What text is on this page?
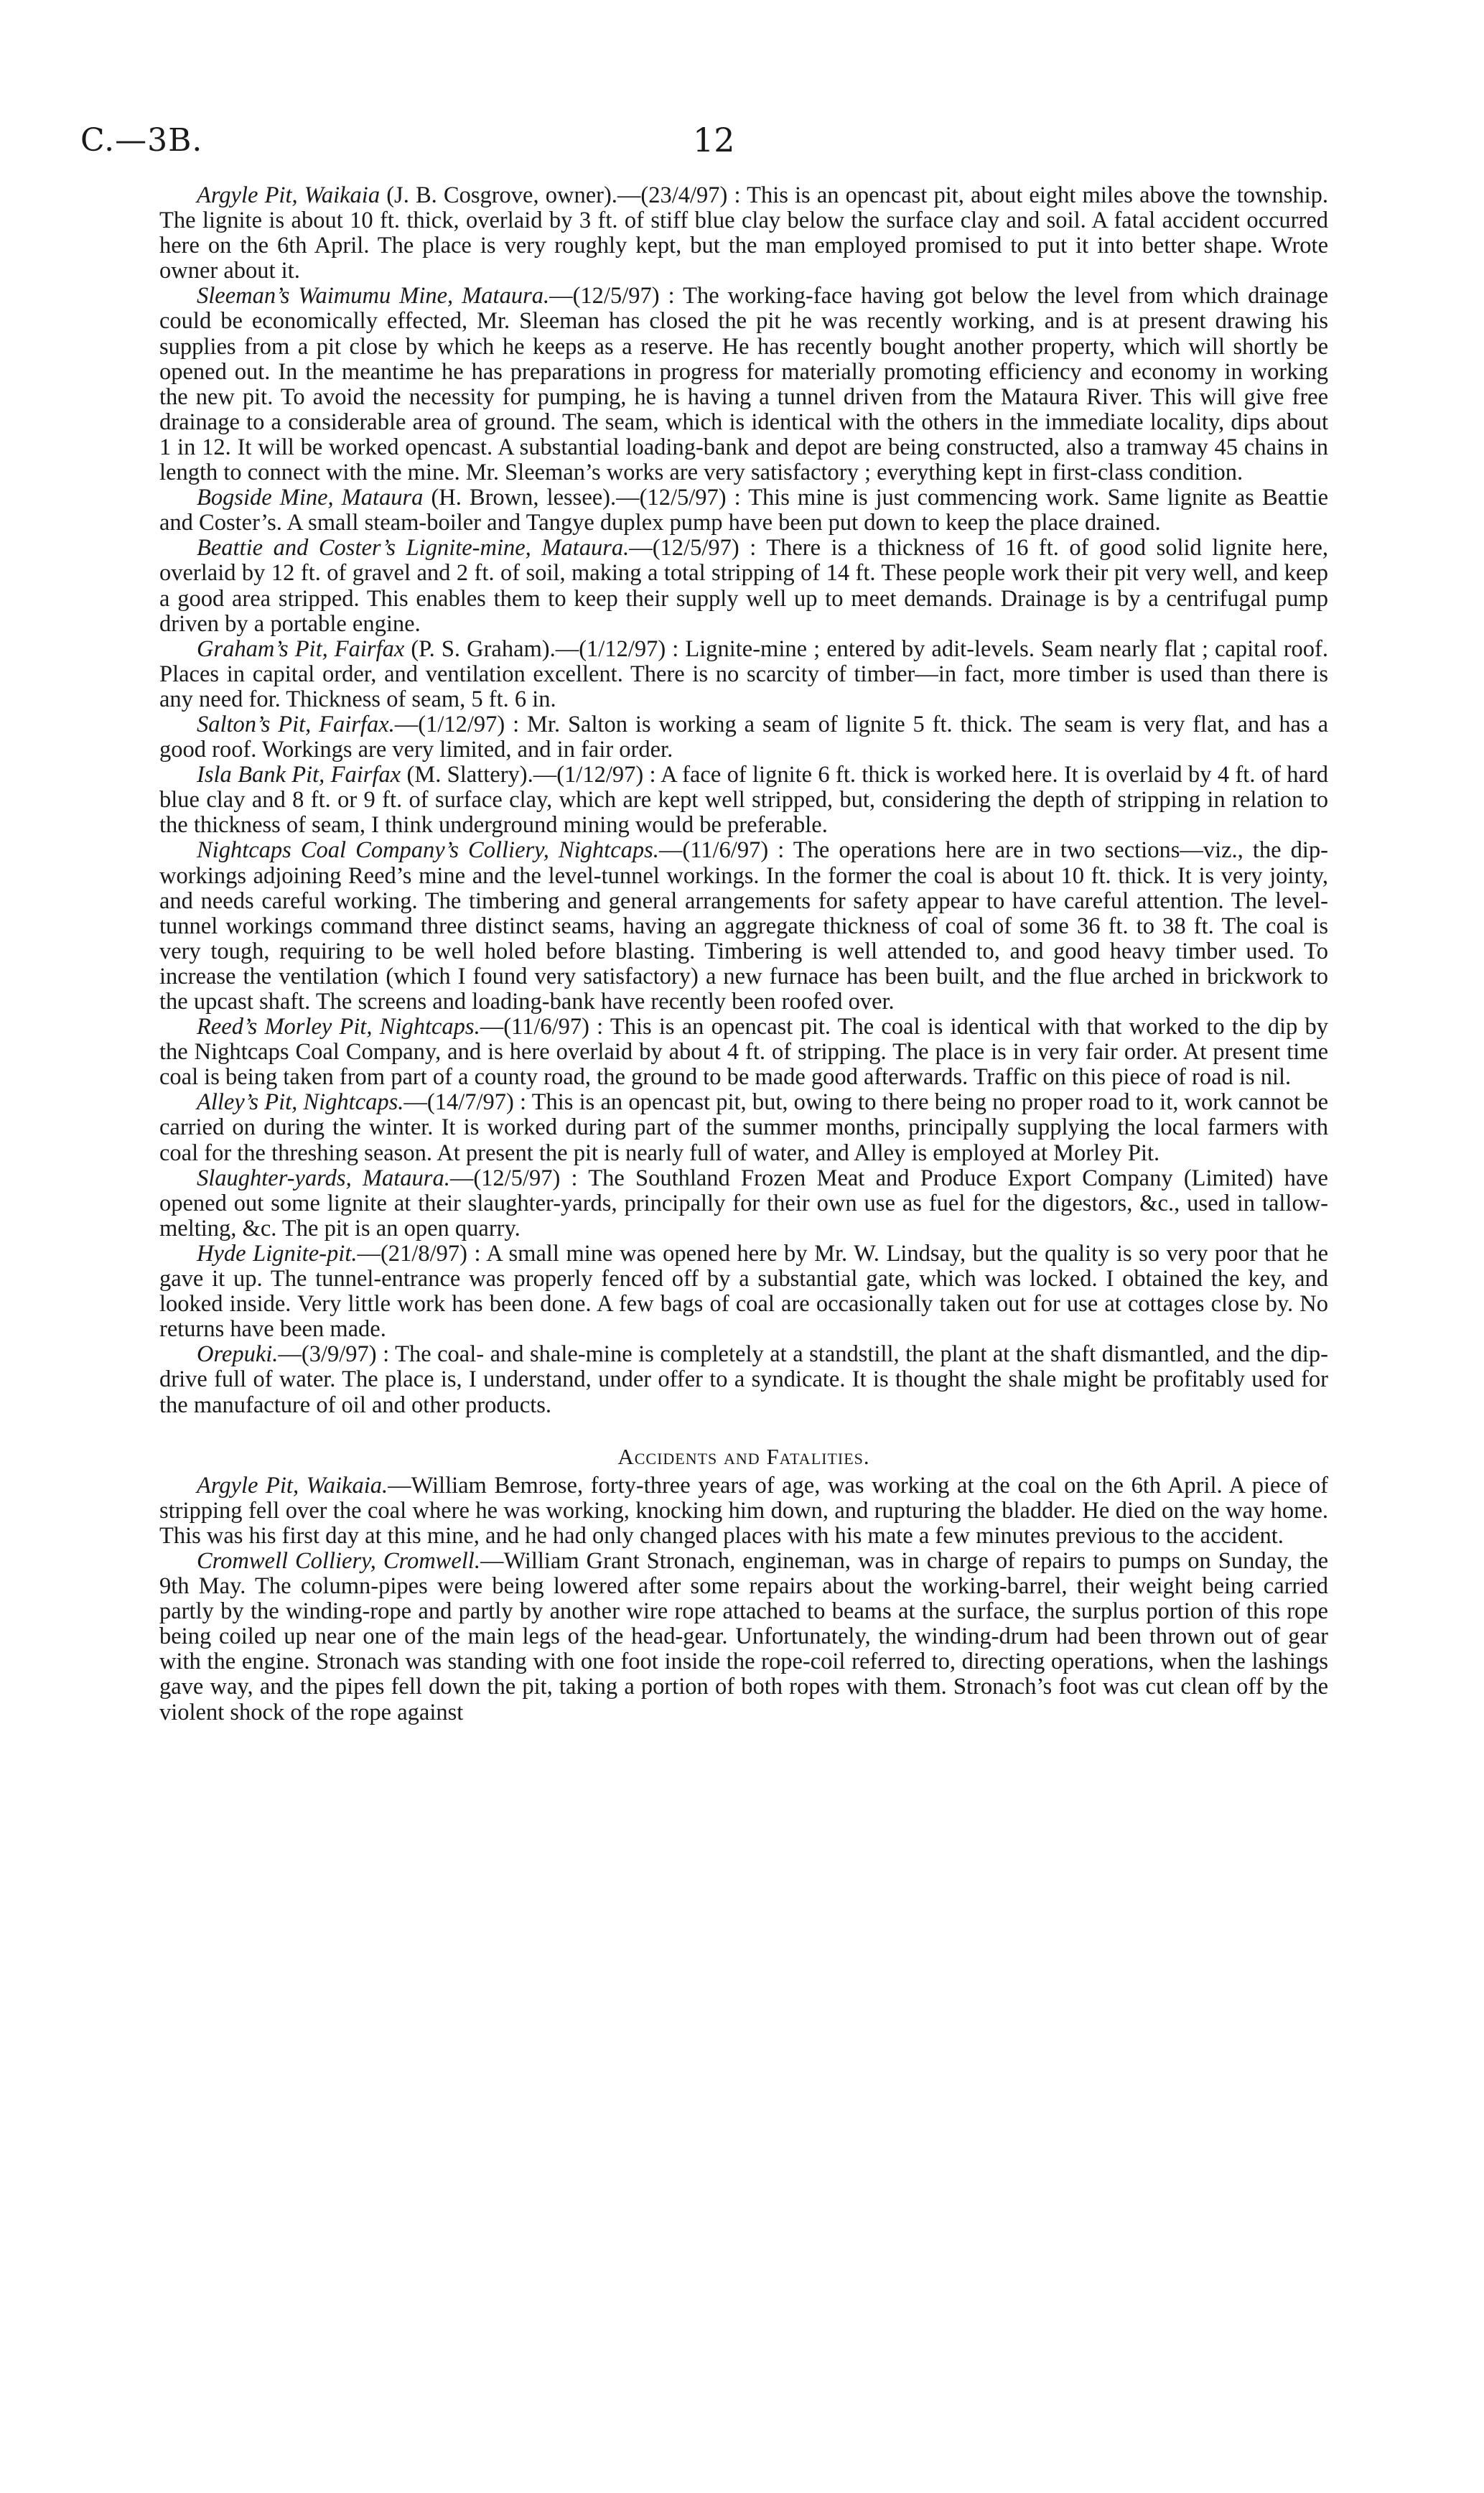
C.—3B.	12

Argyle Pit, Waikaia (J. B. Cosgrove, owner).—(23/4/97) : This is an opencast pit, about eight miles above the township. The lignite is about 10 ft. thick, overlaid by 3 ft. of stiff blue clay below the surface clay and soil. A fatal accident occurred here on the 6th April. The place is very roughly kept, but the man employed promised to put it into better shape. Wrote owner about it.

Sleeman’s Waimumu Mine, Mataura.—(12/5/97) : The working-face having got below the level from which drainage could be economically effected, Mr. Sleeman has closed the pit he was recently working, and is at present drawing his supplies from a pit close by which he keeps as a reserve. He has recently bought another property, which will shortly be opened out. In the meantime he has preparations in progress for materially promoting efficiency and economy in working the new pit. To avoid the necessity for pumping, he is having a tunnel driven from the Mataura River. This will give free drainage to a considerable area of ground. The seam, which is identical with the others in the immediate locality, dips about 1 in 12. It will be worked opencast. A substantial loading-bank and depot are being constructed, also a tramway 45 chains in length to connect with the mine. Mr. Sleeman’s works are very satisfactory ; everything kept in first-class condition.

Bogside Mine, Mataura (H. Brown, lessee).—(12/5/97) : This mine is just commencing work. Same lignite as Beattie and Coster’s. A small steam-boiler and Tangye duplex pump have been put down to keep the place drained.

Beattie and Coster’s Lignite-mine, Mataura.—(12/5/97) : There is a thickness of 16 ft. of good solid lignite here, overlaid by 12 ft. of gravel and 2 ft. of soil, making a total stripping of 14 ft. These people work their pit very well, and keep a good area stripped. This enables them to keep their supply well up to meet demands. Drainage is by a centrifugal pump driven by a portable engine.

Graham’s Pit, Fairfax (P. S. Graham).—(1/12/97) : Lignite-mine ; entered by adit-levels. Seam nearly flat ; capital roof. Places in capital order, and ventilation excellent. There is no scarcity of timber—in fact, more timber is used than there is any need for. Thickness of seam, 5 ft. 6 in.

Salton’s Pit, Fairfax.—(1/12/97) : Mr. Salton is working a seam of lignite 5 ft. thick. The seam is very flat, and has a good roof. Workings are very limited, and in fair order.

Isla Bank Pit, Fairfax (M. Slattery).—(1/12/97) : A face of lignite 6 ft. thick is worked here. It is overlaid by 4 ft. of hard blue clay and 8 ft. or 9 ft. of surface clay, which are kept well stripped, but, considering the depth of stripping in relation to the thickness of seam, I think underground mining would be preferable.

Nightcaps Coal Company’s Colliery, Nightcaps.—(11/6/97) : The operations here are in two sections—viz., the dip-workings adjoining Reed’s mine and the level-tunnel workings. In the former the coal is about 10 ft. thick. It is very jointy, and needs careful working. The timbering and general arrangements for safety appear to have careful attention. The level-tunnel workings command three distinct seams, having an aggregate thickness of coal of some 36 ft. to 38 ft. The coal is very tough, requiring to be well holed before blasting. Timbering is well attended to, and good heavy timber used. To increase the ventilation (which I found very satisfactory) a new furnace has been built, and the flue arched in brickwork to the upcast shaft. The screens and loading-bank have recently been roofed over.

Reed’s Morley Pit, Nightcaps.—(11/6/97) : This is an opencast pit. The coal is identical with that worked to the dip by the Nightcaps Coal Company, and is here overlaid by about 4 ft. of stripping. The place is in very fair order. At present time coal is being taken from part of a county road, the ground to be made good afterwards. Traffic on this piece of road is nil.

Alley’s Pit, Nightcaps.—(14/7/97) : This is an opencast pit, but, owing to there being no proper road to it, work cannot be carried on during the winter. It is worked during part of the summer months, principally supplying the local farmers with coal for the threshing season. At present the pit is nearly full of water, and Alley is employed at Morley Pit.

Slaughter-yards, Mataura.—(12/5/97) : The Southland Frozen Meat and Produce Export Company (Limited) have opened out some lignite at their slaughter-yards, principally for their own use as fuel for the digestors, &c., used in tallow-melting, &c. The pit is an open quarry.

Hyde Lignite-pit.—(21/8/97) : A small mine was opened here by Mr. W. Lindsay, but the quality is so very poor that he gave it up. The tunnel-entrance was properly fenced off by a substantial gate, which was locked. I obtained the key, and looked inside. Very little work has been done. A few bags of coal are occasionally taken out for use at cottages close by. No returns have been made.

Orepuki.—(3/9/97) : The coal- and shale-mine is completely at a standstill, the plant at the shaft dismantled, and the dip-drive full of water. The place is, I understand, under offer to a syndicate. It is thought the shale might be profitably used for the manufacture of oil and other products.

Accidents and Fatalities.

Argyle Pit, Waikaia.—William Bemrose, forty-three years of age, was working at the coal on the 6th April. A piece of stripping fell over the coal where he was working, knocking him down, and rupturing the bladder. He died on the way home. This was his first day at this mine, and he had only changed places with his mate a few minutes previous to the accident.

Cromwell Colliery, Cromwell.—William Grant Stronach, engineman, was in charge of repairs to pumps on Sunday, the 9th May. The column-pipes were being lowered after some repairs about the working-barrel, their weight being carried partly by the winding-rope and partly by another wire rope attached to beams at the surface, the surplus portion of this rope being coiled up near one of the main legs of the head-gear. Unfortunately, the winding-drum had been thrown out of gear with the engine. Stronach was standing with one foot inside the rope-coil referred to, directing operations, when the lashings gave way, and the pipes fell down the pit, taking a portion of both ropes with them. Stronach’s foot was cut clean off by the violent shock of the rope against
